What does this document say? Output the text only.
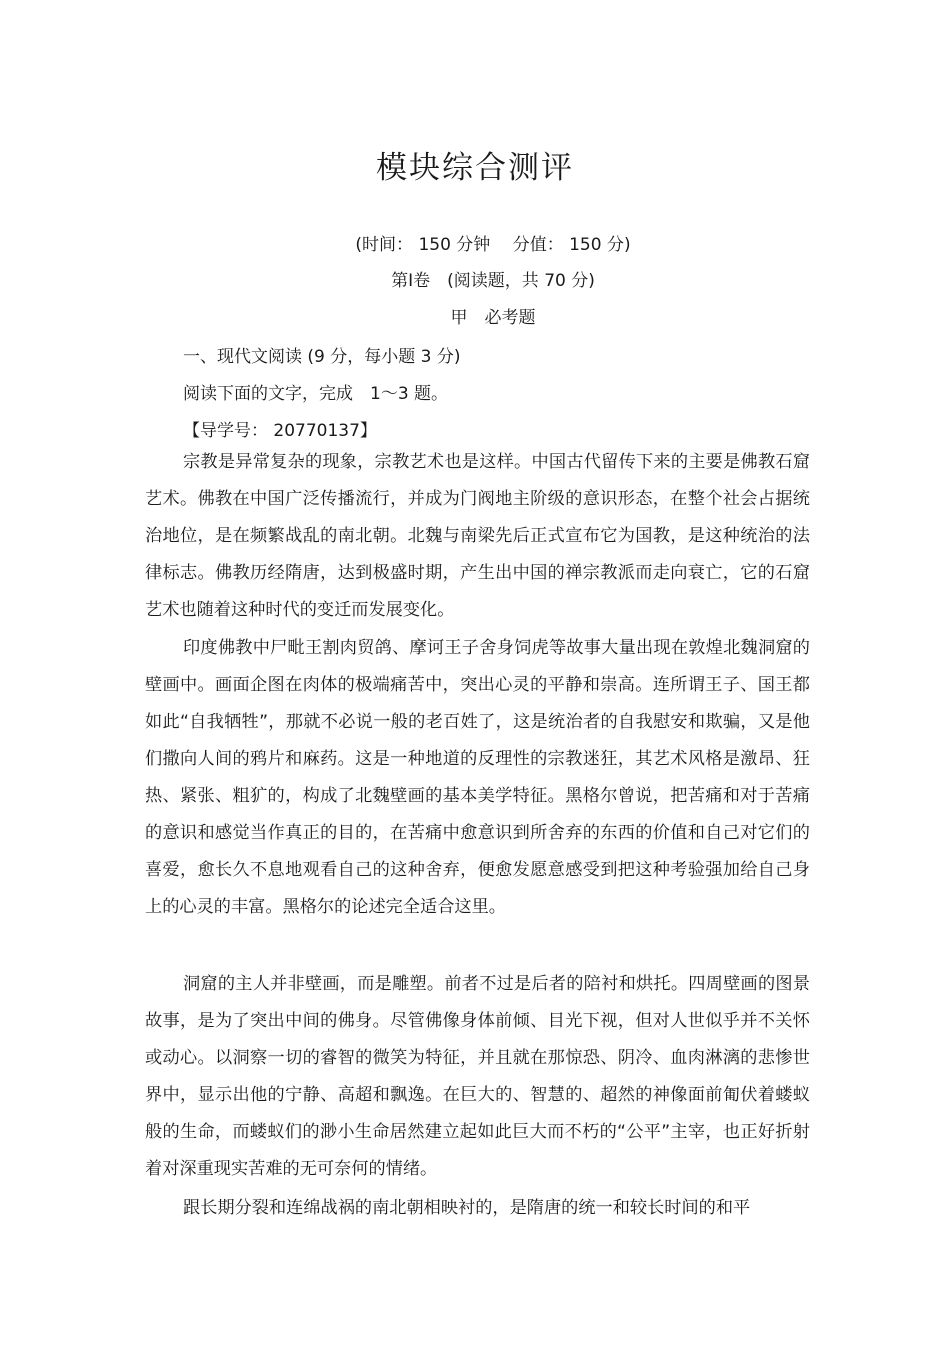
模块综合测评
(时间： 150 分钟　 分值： 150 分)
第Ⅰ卷　(阅读题，共 70 分)
甲　必考题
一、现代文阅读 (9 分，每小题 3 分)
阅读下面的文字，完成　1～3 题。
【导学号： 20770137】

宗教是异常复杂的现象，宗教艺术也是这样。中国古代留传下来的主要是佛教石窟艺术。佛教在中国广泛传播流行，并成为门阀地主阶级的意识形态，在整个社会占据统治地位，是在频繁战乱的南北朝。北魏与南梁先后正式宣布它为国教，是这种统治的法律标志。佛教历经隋唐，达到极盛时期，产生出中国的禅宗教派而走向衰亡，它的石窟艺术也随着这种时代的变迁而发展变化。

印度佛教中尸毗王割肉贸鸽、摩诃王子舍身饲虎等故事大量出现在敦煌北魏洞窟的壁画中。画面企图在肉体的极端痛苦中，突出心灵的平静和崇高。连所谓王子、国王都如此“自我牺牲”，那就不必说一般的老百姓了，这是统治者的自我慰安和欺骗，又是他们撒向人间的鸦片和麻药。这是一种地道的反理性的宗教迷狂，其艺术风格是激昂、狂热、紧张、粗犷的，构成了北魏壁画的基本美学特征。黑格尔曾说，把苦痛和对于苦痛的意识和感觉当作真正的目的，在苦痛中愈意识到所舍弃的东西的价值和自己对它们的喜爱，愈长久不息地观看自己的这种舍弃，便愈发愿意感受到把这种考验强加给自己身上的心灵的丰富。黑格尔的论述完全适合这里。

洞窟的主人并非壁画，而是雕塑。前者不过是后者的陪衬和烘托。四周壁画的图景故事，是为了突出中间的佛身。尽管佛像身体前倾、目光下视，但对人世似乎并不关怀或动心。以洞察一切的睿智的微笑为特征，并且就在那惊恐、阴冷、血肉淋漓的悲惨世界中，显示出他的宁静、高超和飘逸。在巨大的、智慧的、超然的神像面前匍伏着蝼蚁般的生命，而蝼蚁们的渺小生命居然建立起如此巨大而不朽的“公平”主宰，也正好折射着对深重现实苦难的无可奈何的情绪。

跟长期分裂和连绵战祸的南北朝相映衬的，是隋唐的统一和较长时间的和平
